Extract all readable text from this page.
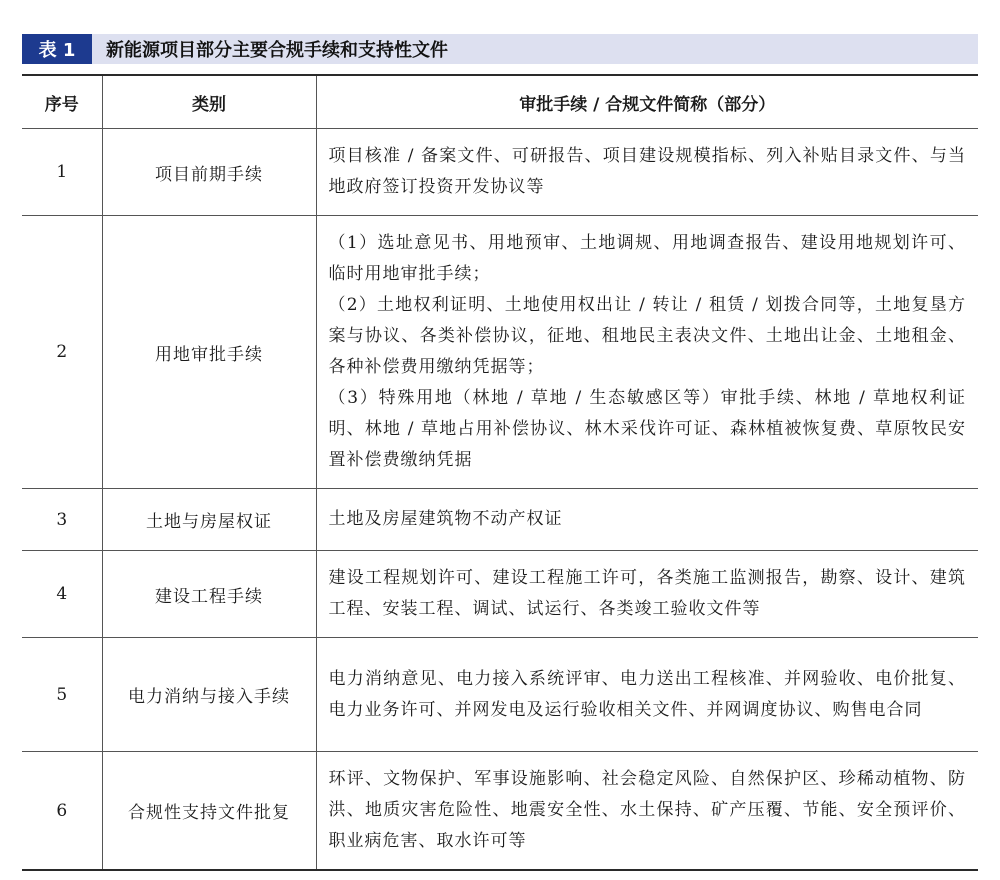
表 1	新能源项目部分主要合规手续和支持性文件
序号	类别	审批手续 / 合规文件简称（部分）
1	项目前期手续	项目核准 / 备案文件、可研报告、项目建设规模指标、列入补贴目录文件、与当地政府签订投资开发协议等

2	用地审批手续	（1）选址意见书、用地预审、土地调规、用地调查报告、建设用地规划许可、临时用地审批手续；
（2）土地权利证明、土地使用权出让 / 转让 / 租赁 / 划拨合同等，土地复垦方案与协议、各类补偿协议，征地、租地民主表决文件、土地出让金、土地租金、各种补偿费用缴纳凭据等；
（3）特殊用地（林地 / 草地 / 生态敏感区等）审批手续、林地 / 草地权利证明、林地 / 草地占用补偿协议、林木采伐许可证、森林植被恢复费、草原牧民安置补偿费缴纳凭据

3	土地与房屋权证	土地及房屋建筑物不动产权证

4	建设工程手续	建设工程规划许可、建设工程施工许可，各类施工监测报告，勘察、设计、建筑工程、安装工程、调试、试运行、各类竣工验收文件等

5	电力消纳与接入手续	电力消纳意见、电力接入系统评审、电力送出工程核准、并网验收、电价批复、电力业务许可、并网发电及运行验收相关文件、并网调度协议、购售电合同

6	合规性支持文件批复	环评、文物保护、军事设施影响、社会稳定风险、自然保护区、珍稀动植物、防洪、地质灾害危险性、地震安全性、水土保持、矿产压覆、节能、安全预评价、职业病危害、取水许可等
